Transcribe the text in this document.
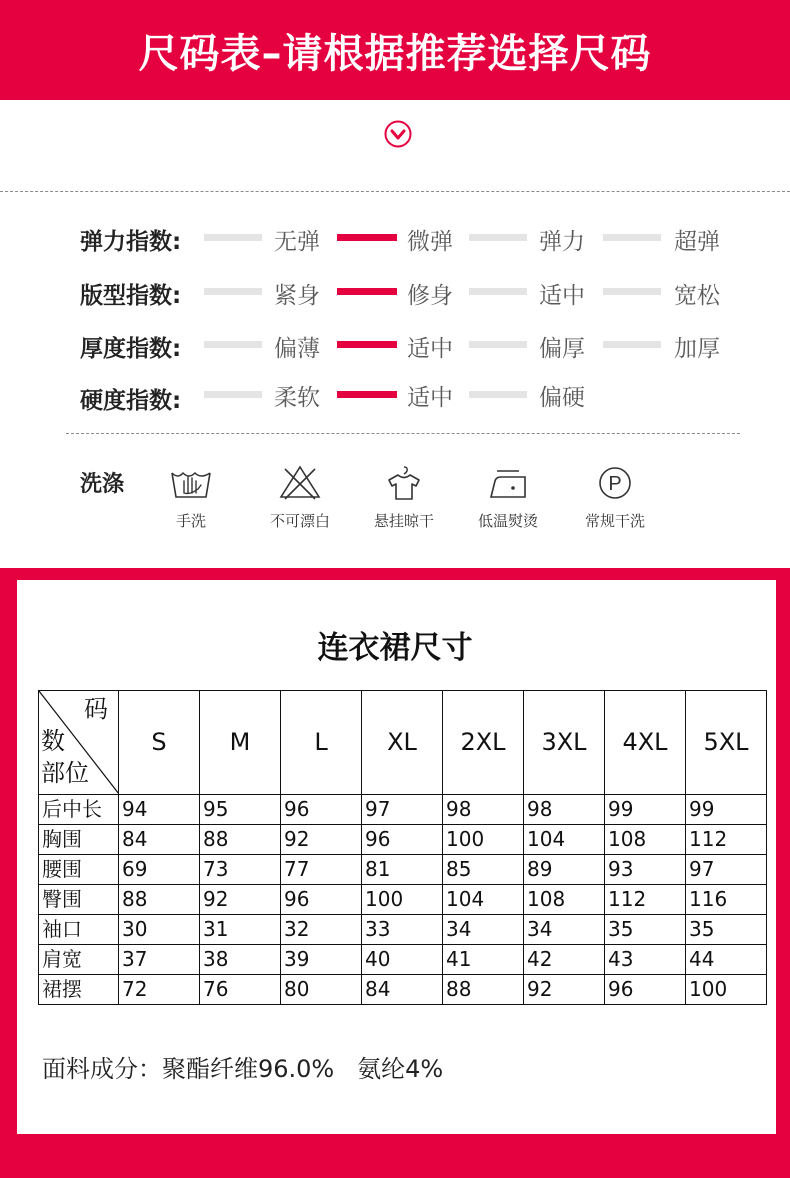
尺码表–请根据推荐选择尺码
弹力指数:	无弹	微弹	弹力	超弹
版型指数:	紧身	修身	适中	宽松
厚度指数:	偏薄	适中	偏厚	加厚
硬度指数:	柔软	适中	偏硬
洗涤
手洗	不可漂白	悬挂晾干	低温熨烫
P
常规干洗
连衣裙尺寸
码
数
部位	S	M	L	XL	2XL	3XL	4XL	5XL
后中长	94	95	96	97	98	98	99	99
胸围	84	88	92	96	100	104	108	112
腰围	69	73	77	81	85	89	93	97
臀围	88	92	96	100	104	108	112	116
袖口	30	31	32	33	34	34	35	35
肩宽	37	38	39	40	41	42	43	44
裙摆	72	76	80	84	88	92	96	100
面料成分：聚酯纤维96.0%   氨纶4%
